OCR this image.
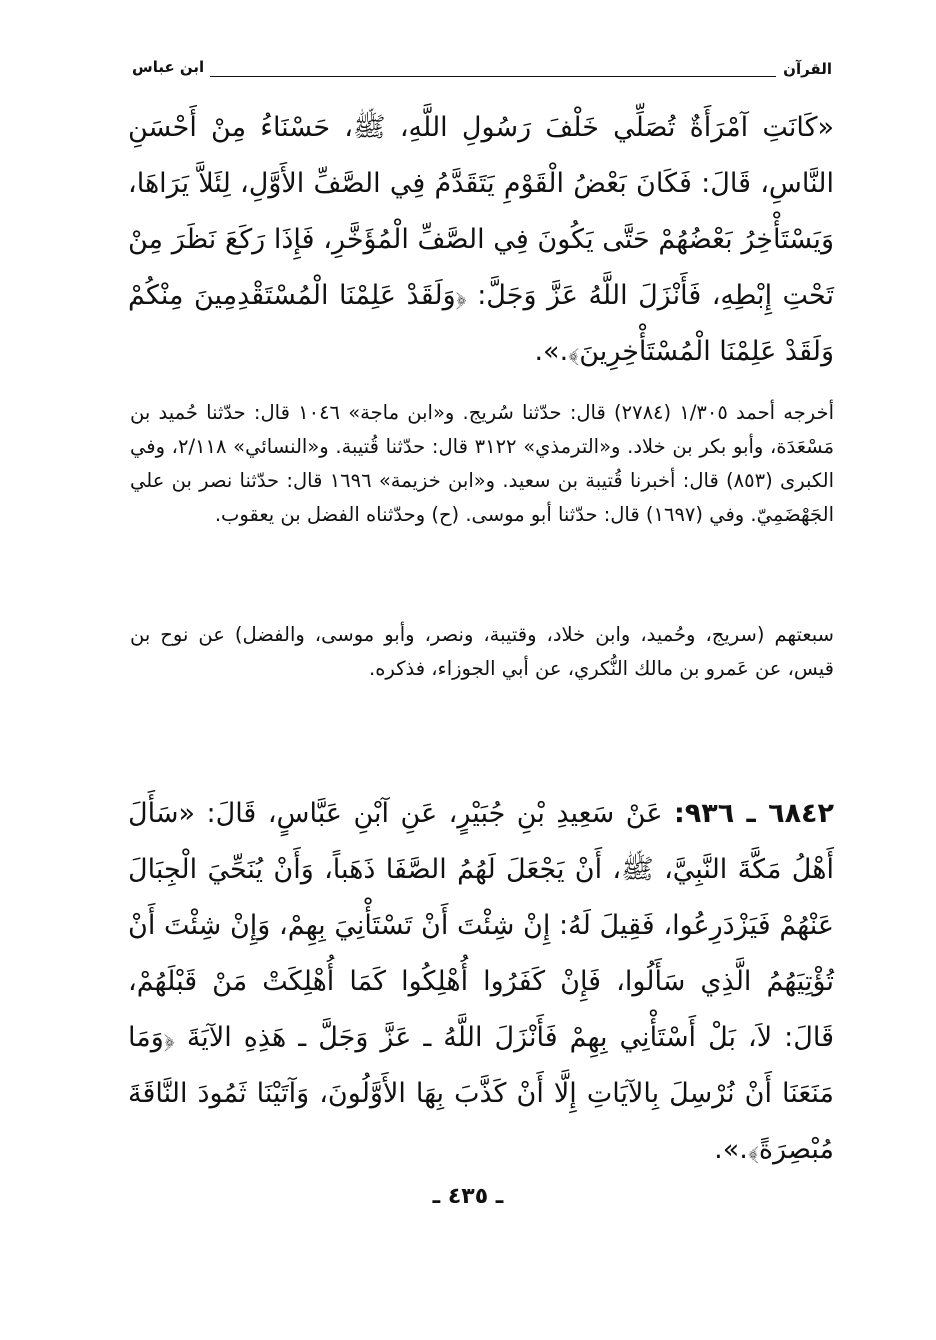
القرآن
ابن عباس

«كَانَتِ آمْرَأَةٌ تُصَلِّي خَلْفَ رَسُولِ اللَّهِ، ﷺ، حَسْنَاءُ مِنْ أَحْسَنِ النَّاسِ، قَالَ: فَكَانَ بَعْضُ الْقَوْمِ يَتَقَدَّمُ فِي الصَّفِّ الأَوَّلِ، لِئَلاَّ يَرَاهَا، وَيَسْتَأْخِرُ بَعْضُهُمْ حَتَّى يَكُونَ فِي الصَّفِّ الْمُؤَخَّرِ، فَإِذَا رَكَعَ نَظَرَ مِنْ تَحْتِ إِبْطِهِ، فَأَنْزَلَ اللَّهُ عَزَّ وَجَلَّ: ﴿وَلَقَدْ عَلِمْنَا الْمُسْتَقْدِمِينَ مِنْكُمْ وَلَقَدْ عَلِمْنَا الْمُسْتَأْخِرِينَ﴾.».

أخرجه أحمد ١/٣٠٥ (٢٧٨٤) قال: حدّثنا سُريج. و«ابن ماجة» ١٠٤٦ قال: حدّثنا حُميد بن مَسْعَدَة، وأبو بكر بن خلاد. و«الترمذي» ٣١٢٢ قال: حدّثنا قُتيبة. و«النسائي» ٢/١١٨، وفي الكبرى (٨٥٣) قال: أخبرنا قُتيبة بن سعيد. و«ابن خزيمة» ١٦٩٦ قال: حدّثنا نصر بن علي الجَهْضَمِيّ. وفي (١٦٩٧) قال: حدّثنا أبو موسى. (ح) وحدّثناه الفضل بن يعقوب.

سبعتهم (سريج، وحُميد، وابن خلاد، وقتيبة، ونصر، وأبو موسى، والفضل) عن نوح بن قيس، عن عَمرو بن مالك النُّكري، عن أبي الجوزاء، فذكره.

٦٨٤٢ ـ ٩٣٦: عَنْ سَعِيدِ بْنِ جُبَيْرٍ، عَنِ آبْنِ عَبَّاسٍ، قَالَ: «سَأَلَ أَهْلُ مَكَّةَ النَّبِيَّ، ﷺ، أَنْ يَجْعَلَ لَهُمُ الصَّفَا ذَهَباً، وَأَنْ يُنَحِّيَ الْجِبَالَ عَنْهُمْ فَيَزْدَرِعُوا، فَقِيلَ لَهُ: إِنْ شِئْتَ أَنْ تَسْتَأْنِيَ بِهِمْ، وَإِنْ شِئْتَ أَنْ تُؤْتِيَهُمُ الَّذِي سَأَلُوا، فَإِنْ كَفَرُوا أُهْلِكُوا كَمَا أُهْلِكَتْ مَنْ قَبْلَهُمْ، قَالَ: لاَ، بَلْ أَسْتَأْنِي بِهِمْ فَأَنْزَلَ اللَّهُ ـ عَزَّ وَجَلَّ ـ هَذِهِ الآيَةَ ﴿وَمَا مَنَعَنَا أَنْ نُرْسِلَ بِالآيَاتِ إِلَّا أَنْ كَذَّبَ بِهَا الأَوَّلُونَ، وَآتَيْنَا ثَمُودَ النَّاقَةَ مُبْصِرَةً﴾.».

ـ ٤٣٥ ـ
